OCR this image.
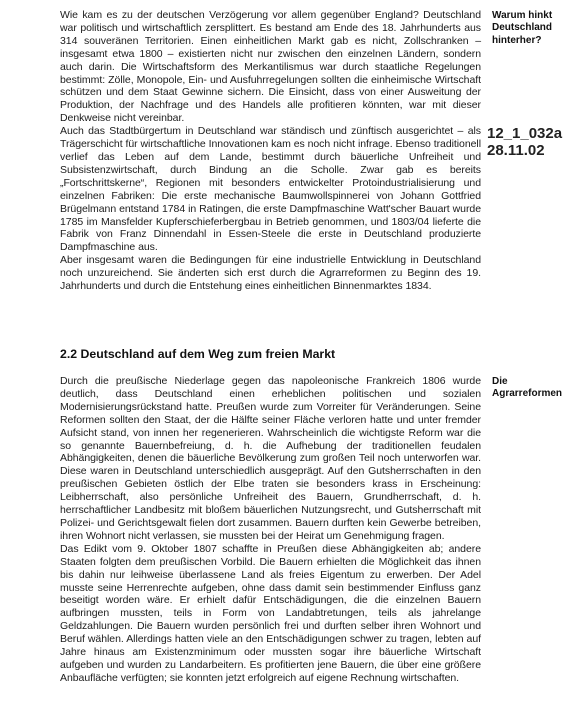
Wie kam es zu der deutschen Verzögerung vor allem gegenüber England? Deutschland war politisch und wirtschaftlich zersplittert. Es bestand am Ende des 18. Jahrhunderts aus 314 souveränen Territorien. Einen einheitlichen Markt gab es nicht, Zollschranken – insgesamt etwa 1800 – existierten nicht nur zwischen den einzelnen Ländern, sondern auch darin. Die Wirtschaftsform des Merkantilismus war durch staatliche Regelungen bestimmt: Zölle, Monopole, Ein- und Ausfuhrregelungen sollten die einheimische Wirtschaft schützen und dem Staat Gewinne sichern. Die Einsicht, dass von einer Ausweitung der Produktion, der Nachfrage und des Handels alle profitieren könnten, war mit dieser Denkweise nicht vereinbar.

Auch das Stadtbürgertum in Deutschland war ständisch und zünftisch ausgerichtet – als Trägerschicht für wirtschaftliche Innovationen kam es noch nicht infrage. Ebenso traditionell verlief das Leben auf dem Lande, bestimmt durch bäuerliche Unfreiheit und Subsistenzwirtschaft, durch Bindung an die Scholle. Zwar gab es bereits „Fortschrittskerne“, Regionen mit besonders entwickelter Protoindustrialisierung und einzelnen Fabriken: Die erste mechanische Baumwollspinnerei von Johann Gottfried Brügelmann entstand 1784 in Ratingen, die erste Dampfmaschine Watt'scher Bauart wurde 1785 im Mansfelder Kupferschieferbergbau in Betrieb genommen, und 1803/04 lieferte die Fabrik von Franz Dinnendahl in Essen-Steele die erste in Deutschland produzierte Dampfmaschine aus.

Aber insgesamt waren die Bedingungen für eine industrielle Entwicklung in Deutschland noch unzureichend. Sie änderten sich erst durch die Agrarreformen zu Beginn des 19. Jahrhunderts und durch die Entstehung eines einheitlichen Binnenmarktes 1834.

Warum hinkt Deutschland hinterher?
12_1_032a
28.11.02
2.2 Deutschland auf dem Weg zum freien Markt

Durch die preußische Niederlage gegen das napoleonische Frankreich 1806 wurde deutlich, dass Deutschland einen erheblichen politischen und sozialen Modernisierungsrückstand hatte. Preußen wurde zum Vorreiter für Veränderungen. Seine Reformen sollten den Staat, der die Hälfte seiner Fläche verloren hatte und unter fremder Aufsicht stand, von innen her regenerieren. Wahrscheinlich die wichtigste Reform war die so genannte Bauernbefreiung, d. h. die Aufhebung der traditionellen feudalen Abhängigkeiten, denen die bäuerliche Bevölkerung zum großen Teil noch unterworfen war. Diese waren in Deutschland unterschiedlich ausgeprägt. Auf den Gutsherrschaften in den preußischen Gebieten östlich der Elbe traten sie besonders krass in Erscheinung: Leibherrschaft, also persönliche Unfreiheit des Bauern, Grundherrschaft, d. h. herrschaftlicher Landbesitz mit bloßem bäuerlichen Nutzungsrecht, und Gutsherrschaft mit Polizei- und Gerichtsgewalt fielen dort zusammen. Bauern durften kein Gewerbe betreiben, ihren Wohnort nicht verlassen, sie mussten bei der Heirat um Genehmigung fragen.

Das Edikt vom 9. Oktober 1807 schaffte in Preußen diese Abhängigkeiten ab; andere Staaten folgten dem preußischen Vorbild. Die Bauern erhielten die Möglichkeit das ihnen bis dahin nur leihweise überlassene Land als freies Eigentum zu erwerben. Der Adel musste seine Herrenrechte aufgeben, ohne dass damit sein bestimmender Einfluss ganz beseitigt worden wäre. Er erhielt dafür Entschädigungen, die die einzelnen Bauern aufbringen mussten, teils in Form von Landabtretungen, teils als jahrelange Geldzahlungen. Die Bauern wurden persönlich frei und durften selber ihren Wohnort und Beruf wählen. Allerdings hatten viele an den Entschädigungen schwer zu tragen, lebten auf Jahre hinaus am Existenzminimum oder mussten sogar ihre bäuerliche Wirtschaft aufgeben und wurden zu Landarbeitern. Es profitierten jene Bauern, die über eine größere Anbaufläche verfügten; sie konnten jetzt erfolgreich auf eigene Rechnung wirtschaften.

Die Agrarreformen
